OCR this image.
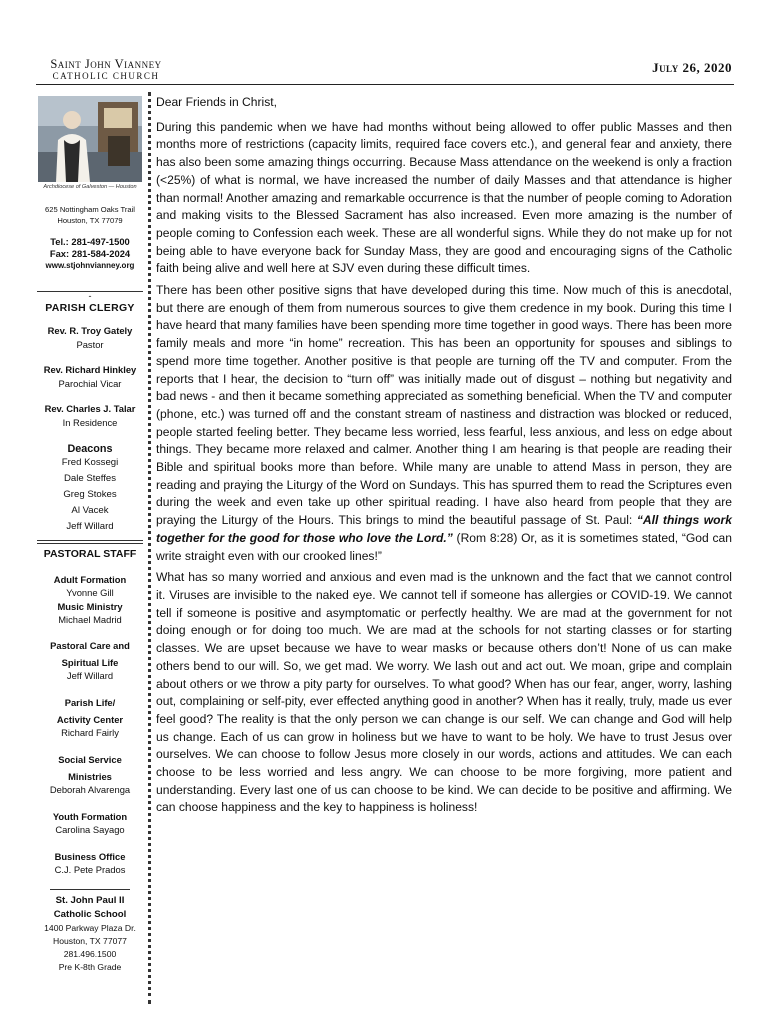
Saint John Vianney
CATHOLIC CHURCH
July 26, 2020
Archdiocese of Galveston — Houston
625 Nottingham Oaks Trail
Houston, TX 77079
Tel.: 281-497-1500
Fax: 281-584-2024
www.stjohnvianney.org
-
PARISH CLERGY
Rev. R. Troy Gately
Pastor
Rev. Richard Hinkley
Parochial Vicar
Rev. Charles J. Talar
In Residence
Deacons
Fred Kossegi
Dale Steffes
Greg Stokes
Al Vacek
Jeff Willard
PASTORAL STAFF
Adult Formation
Yvonne Gill
Music Ministry
Michael Madrid
Pastoral Care and
Spiritual Life
Jeff Willard
Parish Life/
Activity Center
Richard Fairly
Social Service
Ministries
Deborah Alvarenga
Youth Formation
Carolina Sayago
Business Office
C.J. Pete Prados
St. John Paul II
Catholic School
1400 Parkway Plaza Dr.
Houston, TX 77077
281.496.1500
Pre K-8th Grade

Dear Friends in Christ,

During this pandemic when we have had months without being allowed to offer public Masses and then months more of restrictions (capacity limits, required face covers etc.), and general fear and anxiety, there has also been some amazing things occurring. Because Mass attendance on the weekend is only a fraction (<25%) of what is normal, we have increased the number of daily Masses and that attendance is higher than normal! Another amazing and remarkable occurrence is that the number of people coming to Adoration and making visits to the Blessed Sacrament has also increased. Even more amazing is the number of people coming to Confession each week. These are all wonderful signs. While they do not make up for not being able to have everyone back for Sunday Mass, they are good and encouraging signs of the Catholic faith being alive and well here at SJV even during these difficult times.

There has been other positive signs that have developed during this time. Now much of this is anecdotal, but there are enough of them from numerous sources to give them credence in my book. During this time I have heard that many families have been spending more time together in good ways. There has been more family meals and more “in home” recreation. This has been an opportunity for spouses and siblings to spend more time together. Another positive is that people are turning off the TV and computer. From the reports that I hear, the decision to “turn off” was initially made out of disgust – nothing but negativity and bad news - and then it became something appreciated as something beneficial. When the TV and computer (phone, etc.) was turned off and the constant stream of nastiness and distraction was blocked or reduced, people started feeling better. They became less worried, less fearful, less anxious, and less on edge about things. They became more relaxed and calmer. Another thing I am hearing is that people are reading their Bible and spiritual books more than before. While many are unable to attend Mass in person, they are reading and praying the Liturgy of the Word on Sundays. This has spurred them to read the Scriptures even during the week and even take up other spiritual reading. I have also heard from people that they are praying the Liturgy of the Hours. This brings to mind the beautiful passage of St. Paul: “All things work together for the good for those who love the Lord.” (Rom 8:28) Or, as it is sometimes stated, “God can write straight even with our crooked lines!”

What has so many worried and anxious and even mad is the unknown and the fact that we cannot control it. Viruses are invisible to the naked eye. We cannot tell if someone has allergies or COVID-19. We cannot tell if someone is positive and asymptomatic or perfectly healthy. We are mad at the government for not doing enough or for doing too much. We are mad at the schools for not starting classes or for starting classes. We are upset because we have to wear masks or because others don’t! None of us can make others bend to our will. So, we get mad. We worry. We lash out and act out. We moan, gripe and complain about others or we throw a pity party for ourselves. To what good? When has our fear, anger, worry, lashing out, complaining or self-pity, ever effected anything good in another? When has it really, truly, made us ever feel good? The reality is that the only person we can change is our self. We can change and God will help us change. Each of us can grow in holiness but we have to want to be holy. We have to trust Jesus over ourselves. We can choose to follow Jesus more closely in our words, actions and attitudes. We can each choose to be less worried and less angry. We can choose to be more forgiving, more patient and understanding. Every last one of us can choose to be kind. We can decide to be positive and affirming. We can choose happiness and the key to happiness is holiness!
